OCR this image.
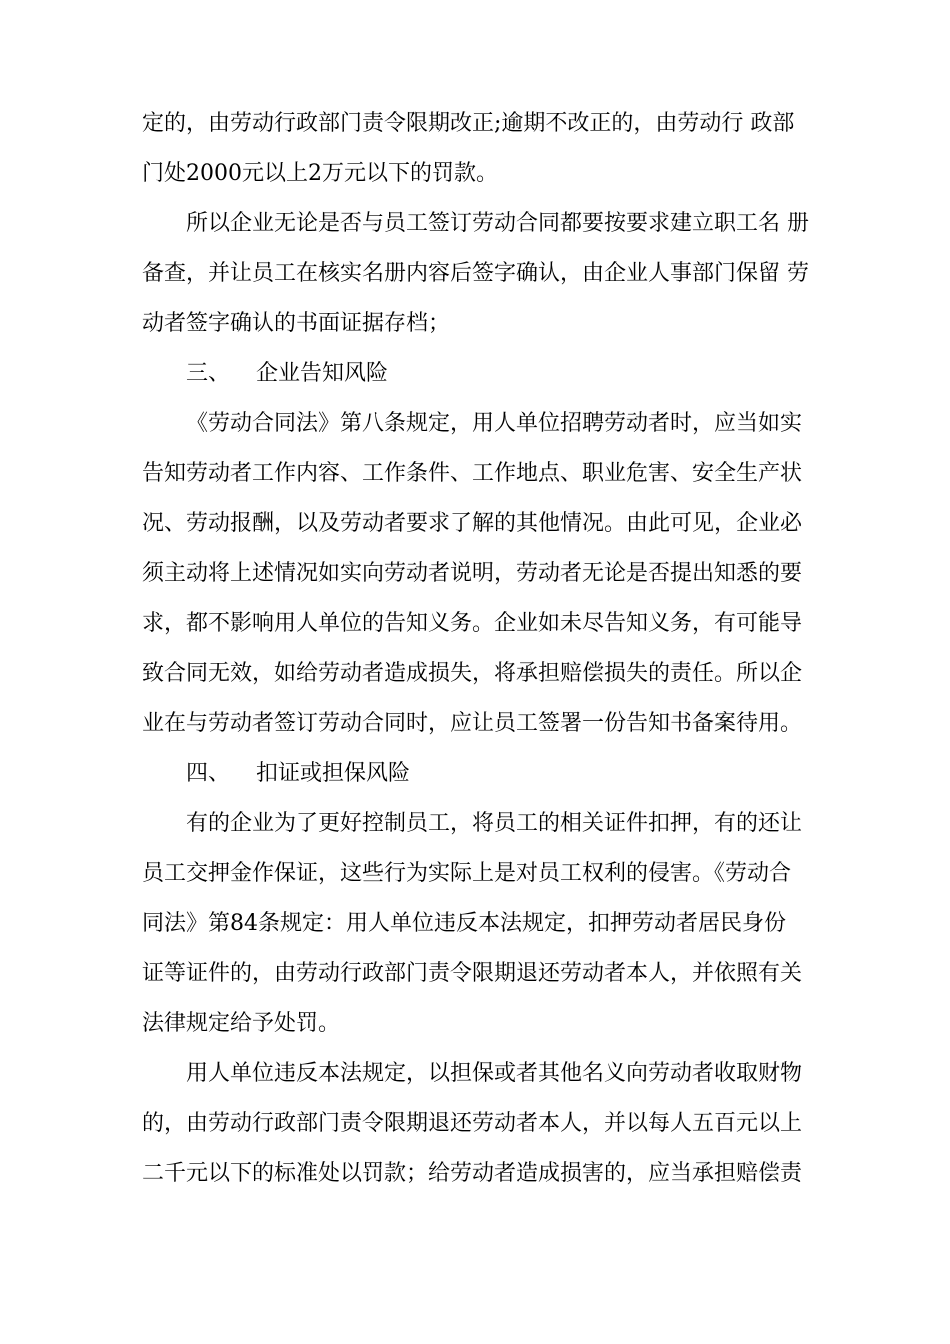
定的，由劳动行政部门责令限期改正;逾期不改正的，由劳动行 政部

门处2000元以上2万元以下的罚款。

所以企业无论是否与员工签订劳动合同都要按要求建立职工名 册

备查，并让员工在核实名册内容后签字确认，由企业人事部门保留 劳

动者签字确认的书面证据存档；

三、 企业告知风险

《劳动合同法》第八条规定，用人单位招聘劳动者时，应当如实

告知劳动者工作内容、工作条件、工作地点、职业危害、安全生产状

况、劳动报酬，以及劳动者要求了解的其他情况。由此可见，企业必

须主动将上述情况如实向劳动者说明，劳动者无论是否提出知悉的要

求，都不影响用人单位的告知义务。企业如未尽告知义务，有可能导

致合同无效，如给劳动者造成损失，将承担赔偿损失的责任。所以企

业在与劳动者签订劳动合同时，应让员工签署一份告知书备案待用。

四、 扣证或担保风险

有的企业为了更好控制员工，将员工的相关证件扣押，有的还让

员工交押金作保证，这些行为实际上是对员工权利的侵害。《劳动合

同法》第84条规定：用人单位违反本法规定，扣押劳动者居民身份

证等证件的，由劳动行政部门责令限期退还劳动者本人，并依照有关

法律规定给予处罚。

用人单位违反本法规定，以担保或者其他名义向劳动者收取财物

的，由劳动行政部门责令限期退还劳动者本人，并以每人五百元以上

二千元以下的标准处以罚款；给劳动者造成损害的，应当承担赔偿责
